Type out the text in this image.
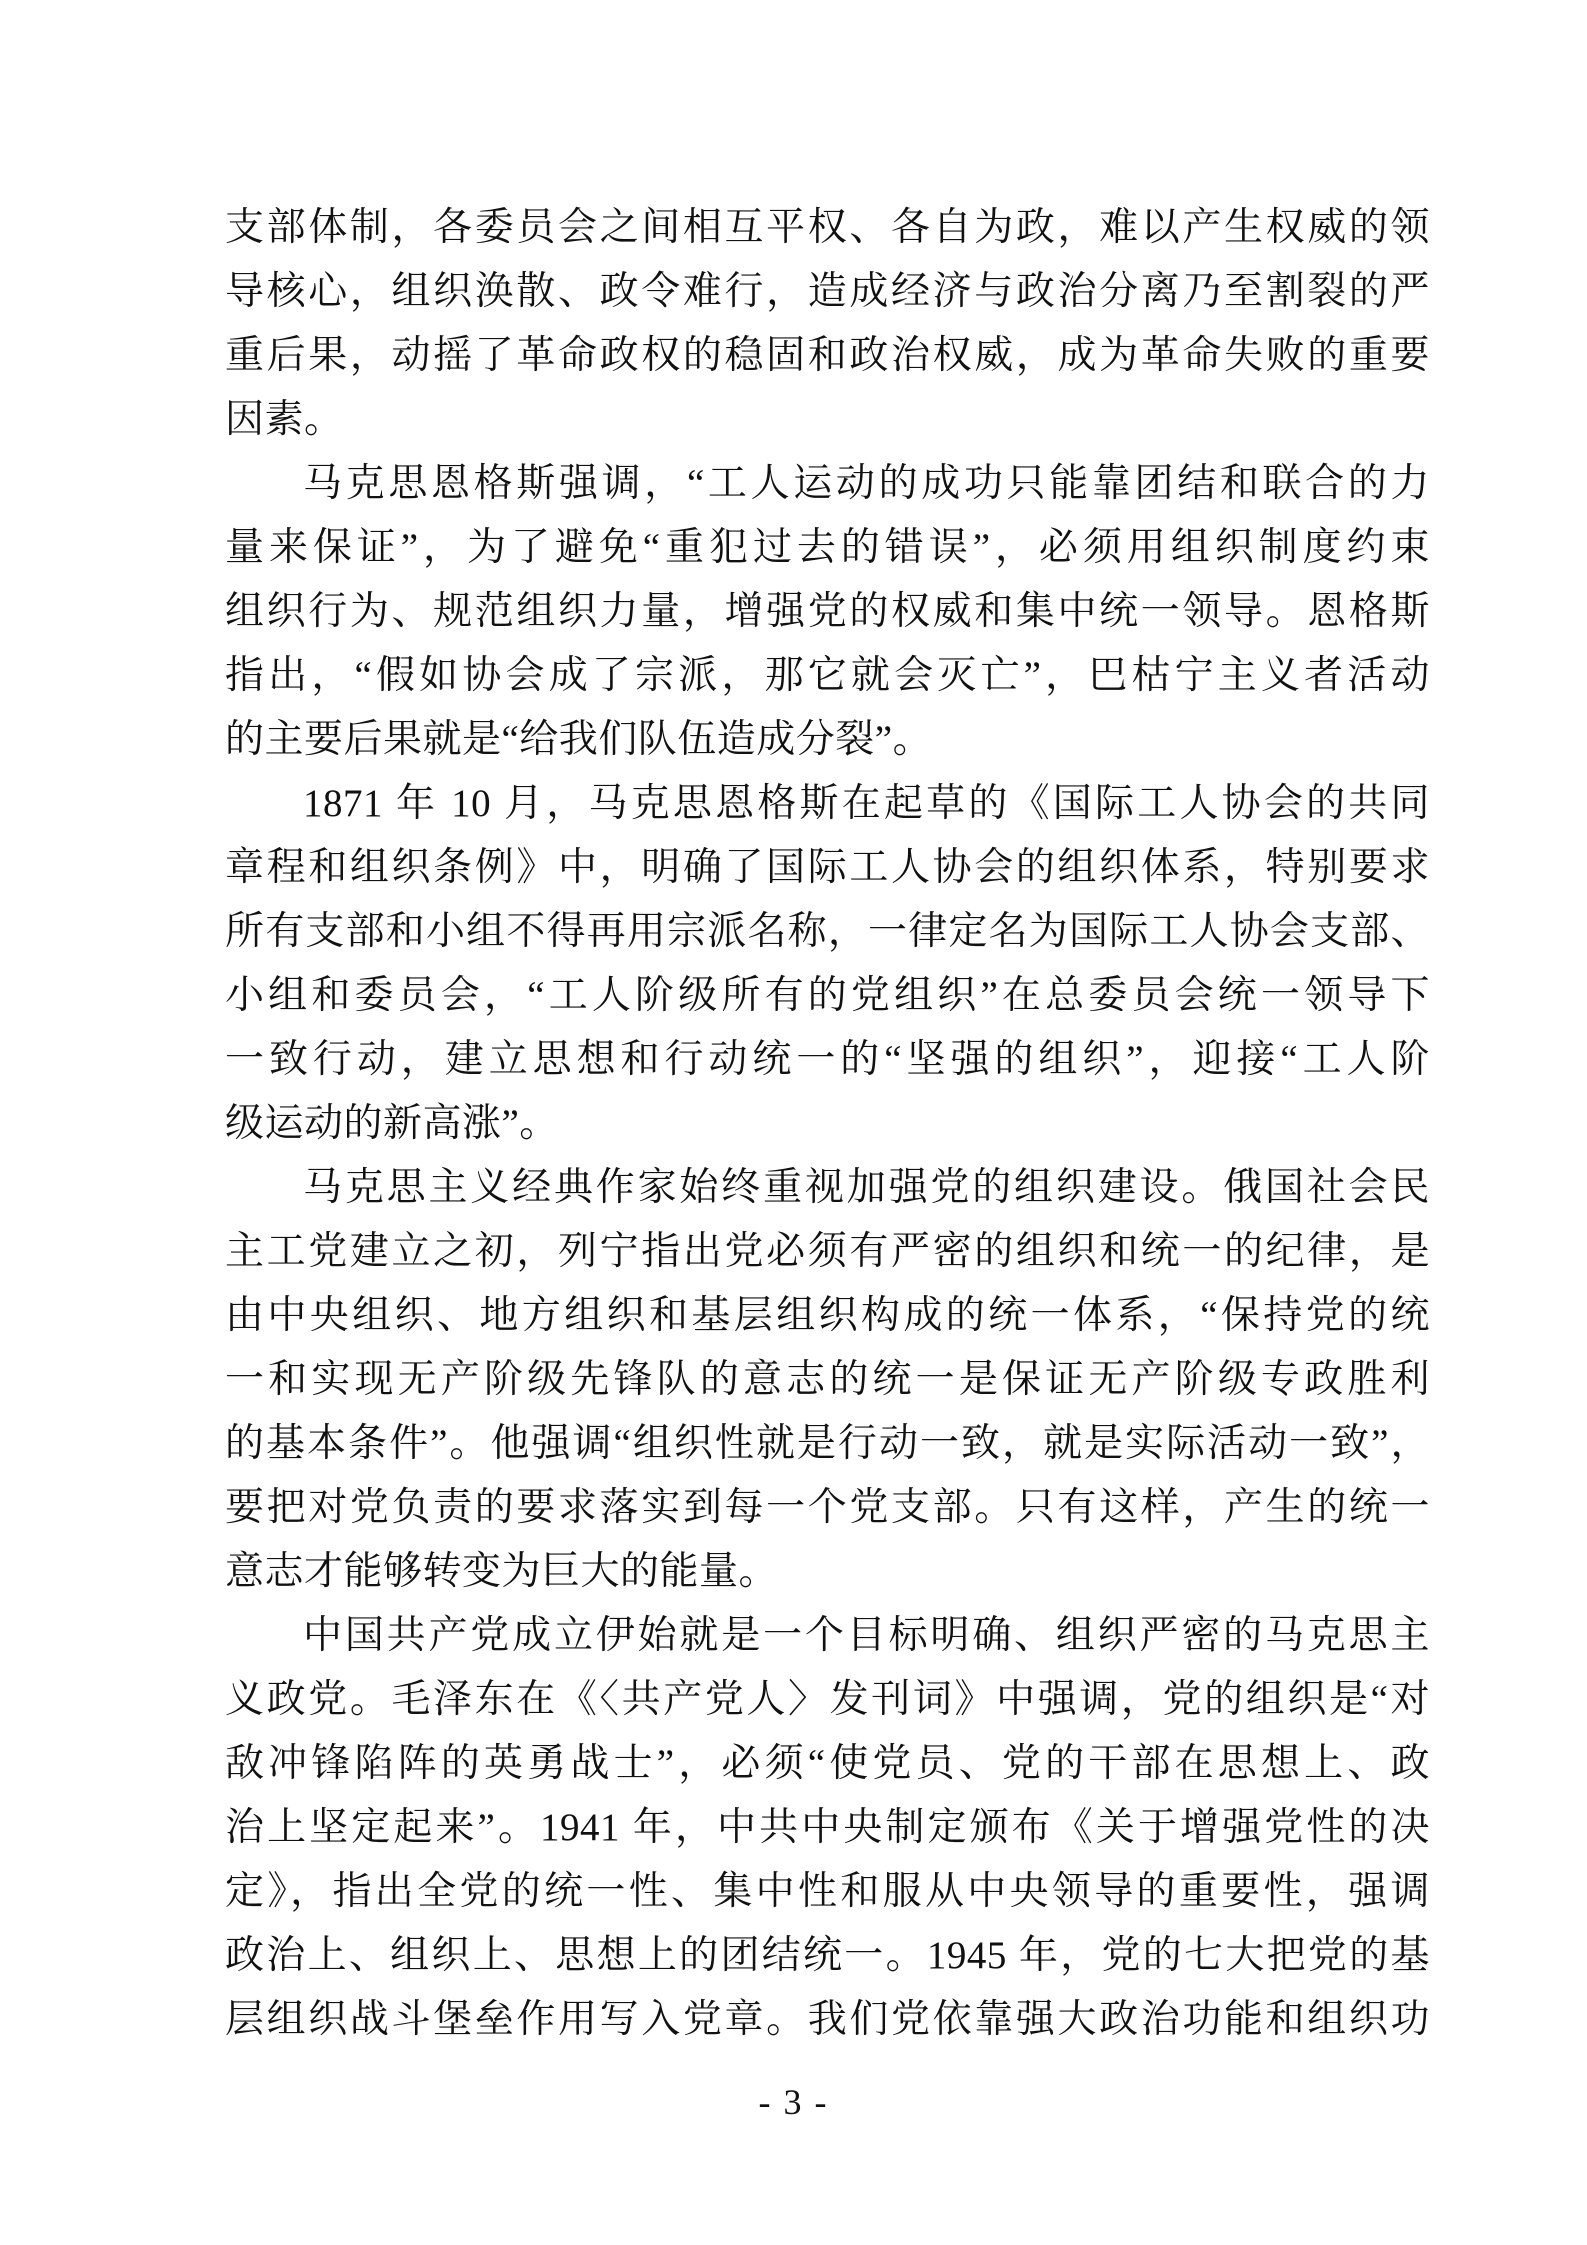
支部体制，各委员会之间相互平权、各自为政，难以产生权威的领
导核心，组织涣散、政令难行，造成经济与政治分离乃至割裂的严
重后果，动摇了革命政权的稳固和政治权威，成为革命失败的重要
因素。
马克思恩格斯强调，“工人运动的成功只能靠团结和联合的力
量来保证”，为了避免“重犯过去的错误”，必须用组织制度约束
组织行为、规范组织力量，增强党的权威和集中统一领导。恩格斯
指出，“假如协会成了宗派，那它就会灭亡”，巴枯宁主义者活动
的主要后果就是“给我们队伍造成分裂”。
1871 年 10 月，马克思恩格斯在起草的《国际工人协会的共同
章程和组织条例》中，明确了国际工人协会的组织体系，特别要求
所有支部和小组不得再用宗派名称，一律定名为国际工人协会支部、
小组和委员会，“工人阶级所有的党组织”在总委员会统一领导下
一致行动，建立思想和行动统一的“坚强的组织”，迎接“工人阶
级运动的新高涨”。
马克思主义经典作家始终重视加强党的组织建设。俄国社会民
主工党建立之初，列宁指出党必须有严密的组织和统一的纪律，是
由中央组织、地方组织和基层组织构成的统一体系，“保持党的统
一和实现无产阶级先锋队的意志的统一是保证无产阶级专政胜利
的基本条件”。他强调“组织性就是行动一致，就是实际活动一致”，
要把对党负责的要求落实到每一个党支部。只有这样，产生的统一
意志才能够转变为巨大的能量。
中国共产党成立伊始就是一个目标明确、组织严密的马克思主
义政党。毛泽东在《〈共产党人〉发刊词》中强调，党的组织是“对
敌冲锋陷阵的英勇战士”，必须“使党员、党的干部在思想上、政
治上坚定起来”。1941 年，中共中央制定颁布《关于增强党性的决
定》，指出全党的统一性、集中性和服从中央领导的重要性，强调
政治上、组织上、思想上的团结统一。1945 年，党的七大把党的基
层组织战斗堡垒作用写入党章。我们党依靠强大政治功能和组织功
- 3 -
